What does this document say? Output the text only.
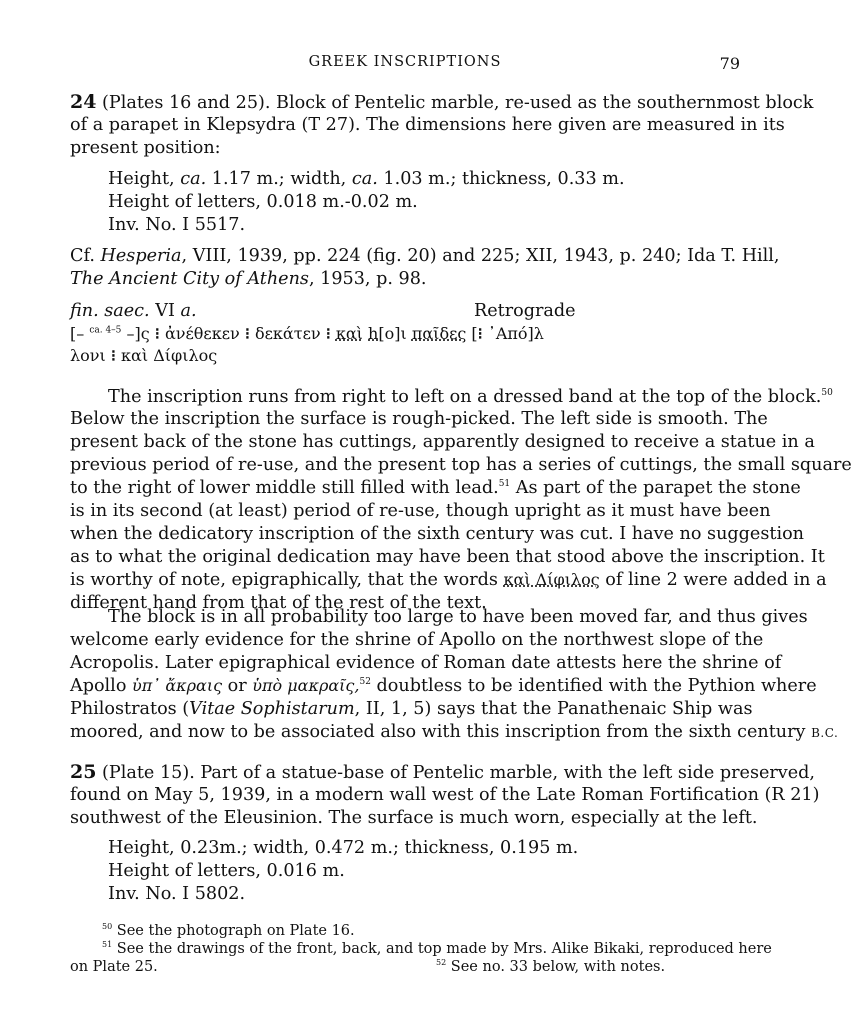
GREEK INSCRIPTIONS	79
24 (Plates 16 and 25). Block of Pentelic marble, re-used as the southernmost block
of a parapet in Klepsydra (T 27). The dimensions here given are measured in its
present position:
Height, ca. 1.17 m.; width, ca. 1.03 m.; thickness, 0.33 m.
Height of letters, 0.018 m.-0.02 m.
Inv. No. I 5517.
Cf. Hesperia, VIII, 1939, pp. 224 (fig. 20) and 225; XII, 1943, p. 240; Ida T. Hill,
The Ancient City of Athens, 1953, p. 98.
fin. saec. VI a.	Retrograde
[– $^{ca. 4-5}$ –]ς ⁝ ἀνέθεκεν ⁝ δεκάτεν ⁝ καὶ h[ο]ι παῖδες [⁝ ᾿Από]λ
λονι ⁝ καὶ Δίφιλος
The inscription runs from right to left on a dressed band at the top of the block.$^{50}$
Below the inscription the surface is rough-picked. The left side is smooth. The
present back of the stone has cuttings, apparently designed to receive a statue in a
previous period of re-use, and the present top has a series of cuttings, the small square
to the right of lower middle still filled with lead.$^{51}$ As part of the parapet the stone
is in its second (at least) period of re-use, though upright as it must have been
when the dedicatory inscription of the sixth century was cut. I have no suggestion
as to what the original dedication may have been that stood above the inscription. It
is worthy of note, epigraphically, that the words καὶ Δίφιλος of line 2 were added in a
different hand from that of the rest of the text.
The block is in all probability too large to have been moved far, and thus gives
welcome early evidence for the shrine of Apollo on the northwest slope of the
Acropolis. Later epigraphical evidence of Roman date attests here the shrine of
Apollo ὑπ᾿ ἄκραις or ὑπὸ μακραῖς,$^{52}$ doubtless to be identified with the Pythion where
Philostratos (Vitae Sophistarum, II, 1, 5) says that the Panathenaic Ship was
moored, and now to be associated also with this inscription from the sixth century B.C.
25 (Plate 15). Part of a statue-base of Pentelic marble, with the left side preserved,
found on May 5, 1939, in a modern wall west of the Late Roman Fortification (R 21)
southwest of the Eleusinion. The surface is much worn, especially at the left.
Height, 0.23m.; width, 0.472 m.; thickness, 0.195 m.
Height of letters, 0.016 m.
Inv. No. I 5802.
$^{50}$ See the photograph on Plate 16.
$^{51}$ See the drawings of the front, back, and top made by Mrs. Alike Bikaki, reproduced here
on Plate 25.	$^{52}$ See no. 33 below, with notes.
